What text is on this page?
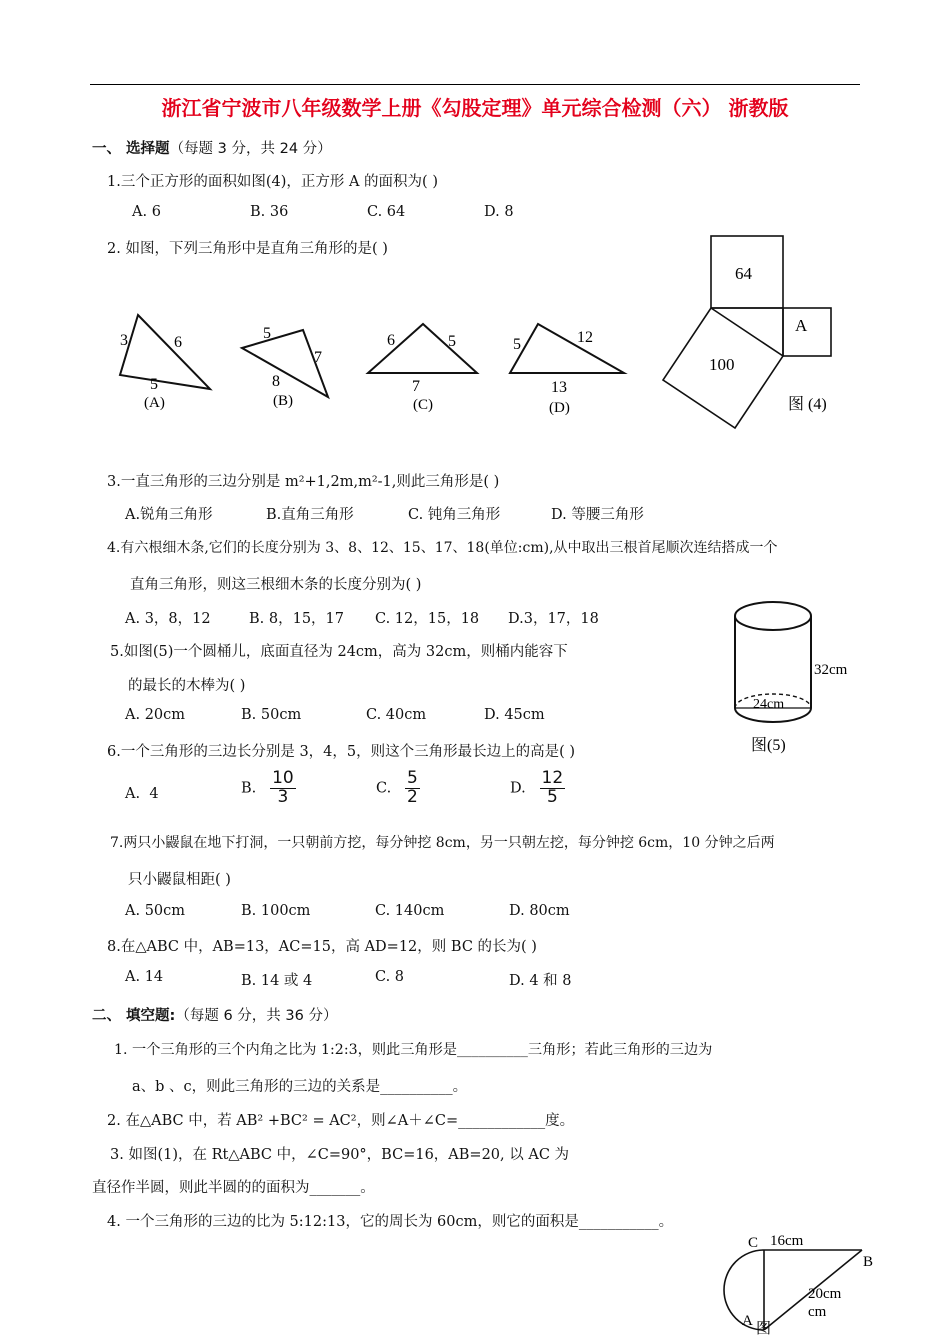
浙江省宁波市八年级数学上册《勾股定理》单元综合检测（六） 浙教版
一、 选择题（每题 3 分，共 24 分）
1.三个正方形的面积如图(4)，正方形 A 的面积为( )
A. 6	B. 36	C. 64	D. 8
2. 如图，下列三角形中是直角三角形的是( )
3	6
5
(A)
5
7
8
(B)
6	5
7
(C)
5	12
13
(D)
64
A
100
图 (4)
3.一直三角形的三边分别是 m²+1,2m,m²-1,则此三角形是( )
A.锐角三角形	B.直角三角形	C. 钝角三角形	D. 等腰三角形
4.有六根细木条,它们的长度分别为 3、8、12、15、17、18(单位:cm),从中取出三根首尾顺次连结搭成一个
直角三角形，则这三根细木条的长度分别为( )
A. 3，8，12	B. 8，15，17 C. 12，15，18 D.3，17，18
32cm
24cm
图(5)
5.如图(5)一个圆桶儿，底面直径为 24cm，高为 32cm，则桶内能容下
的最长的木棒为( )
A. 20cm	B. 50cm	C. 40cm	D. 45cm
6.一个三角形的三边长分别是 3，4，5，则这个三角形最长边上的高是( )
A. 4	B. $\frac{10}{3}$	C. $\frac{5}{2}$	D. $\frac{12}{5}$
7.两只小鼹鼠在地下打洞，一只朝前方挖，每分钟挖 8cm，另一只朝左挖，每分钟挖 6cm，10 分钟之后两
只小鼹鼠相距( )
A. 50cm	B. 100cm	C. 140cm	D. 80cm
8.在△ABC 中，AB=13，AC=15，高 AD=12，则 BC 的长为( )
A. 14	B. 14 或 4	C. 8	D. 4 和 8
二、 填空题:（每题 6 分，共 36 分）
1. 一个三角形的三个内角之比为 1:2:3，则此三角形是__________三角形；若此三角形的三边为
a、b 、c，则此三角形的三边的关系是__________。
2. 在△ABC 中，若 AB² +BC² = AC²，则∠A＋∠C=____________度。
3. 如图(1)，在 Rt△ABC 中，∠C=90°，BC=16，AB=20, 以 AC 为
直径作半圆，则此半圆的的面积为_______。
4. 一个三角形的三边的比为 5:12:13，它的周长为 60cm，则它的面积是___________。
C 16cm
B
20cm
cm
A 图
